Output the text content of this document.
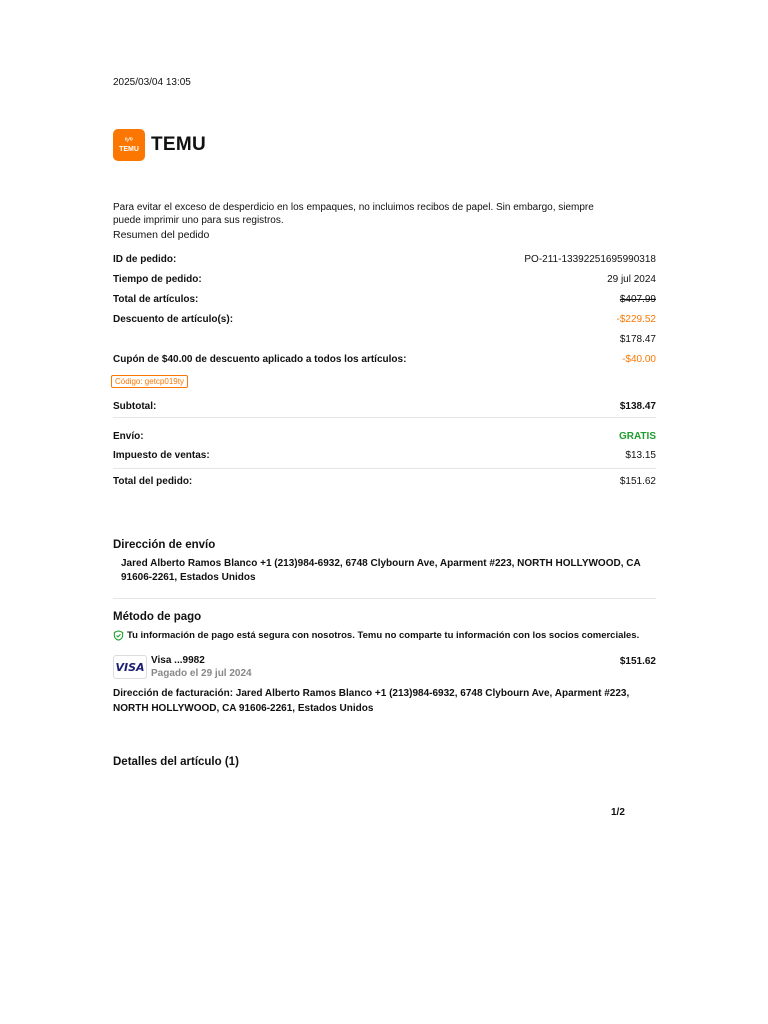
2025/03/04 13:05
ᵒ⁄ᵒ
TEMU TEMU
Para evitar el exceso de desperdicio en los empaques, no incluimos recibos de papel. Sin embargo, siempre puede imprimir uno para sus registros.
Resumen del pedido
ID de pedido:	PO-211-13392251695990318
Tiempo de pedido:	29 jul 2024
Total de artículos:	$407.99
Descuento de artículo(s):	-$229.52
$178.47
Cupón de $40.00 de descuento aplicado a todos los artículos:	-$40.00
Código: getcp019ty
Subtotal:	$138.47
Envío:	GRATIS
Impuesto de ventas:	$13.15
Total del pedido:	$151.62
Dirección de envío
Jared Alberto Ramos Blanco +1 (213)984-6932, 6748 Clybourn Ave, Aparment #223, NORTH HOLLYWOOD, CA 91606-2261, Estados Unidos
Método de pago
Tu información de pago está segura con nosotros. Temu no comparte tu información con los socios comerciales.
VISA Visa ...9982
Pagado el 29 jul 2024
$151.62
Dirección de facturación: Jared Alberto Ramos Blanco +1 (213)984-6932, 6748 Clybourn Ave, Aparment #223, NORTH HOLLYWOOD, CA 91606-2261, Estados Unidos
Detalles del artículo (1)
1/2
